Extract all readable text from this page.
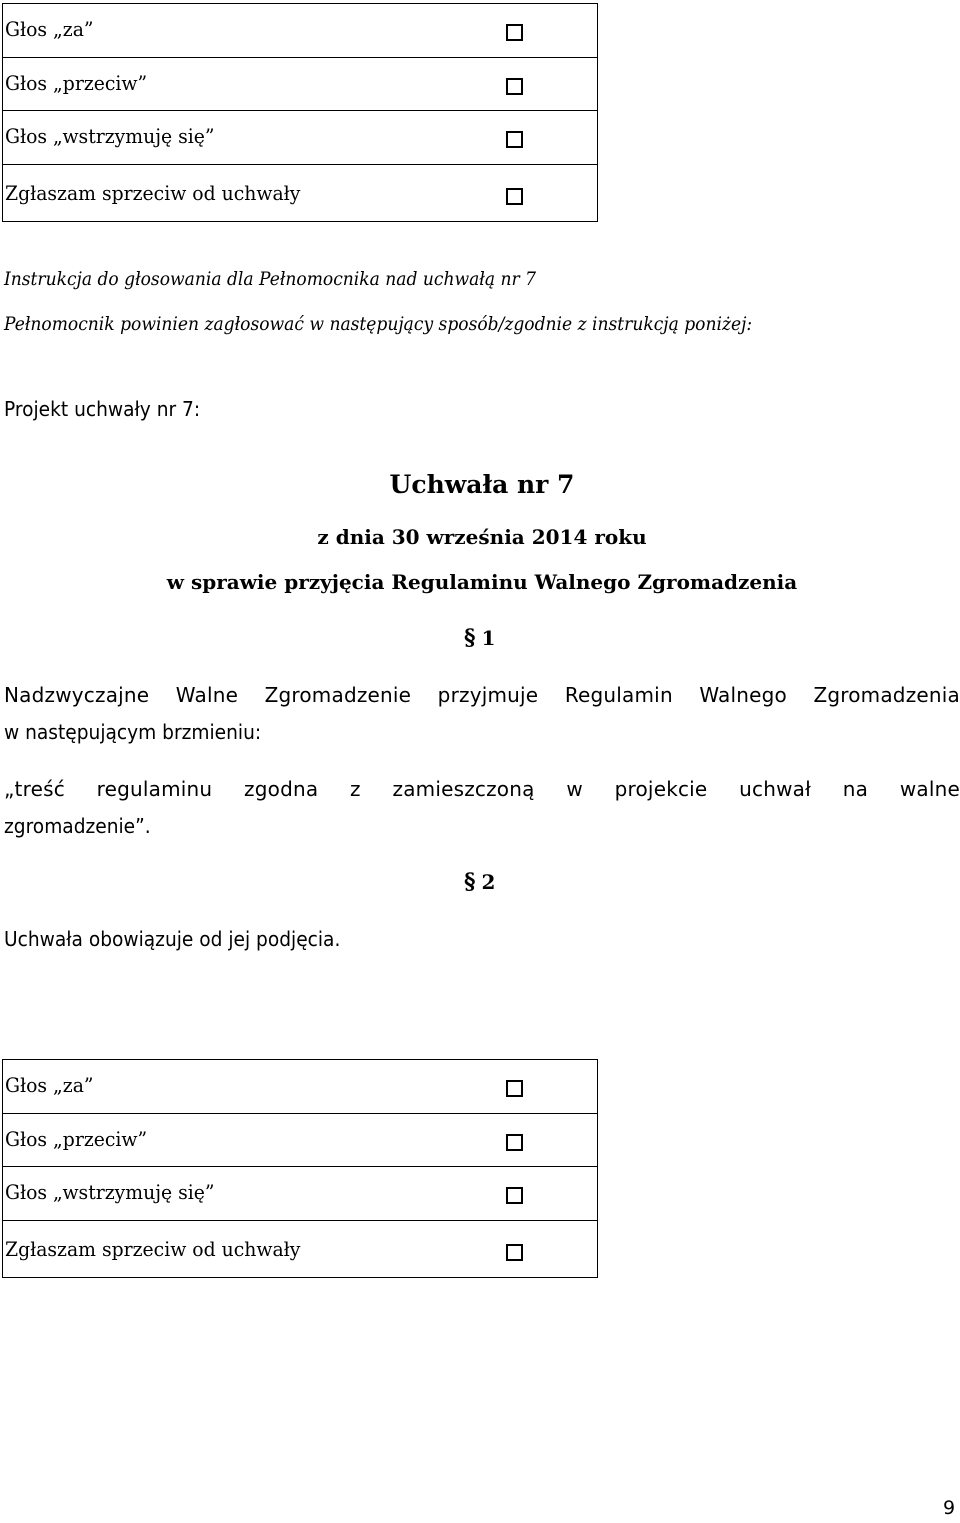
Głos „za”
Głos „przeciw”
Głos „wstrzymuję się”
Zgłaszam sprzeciw od uchwały
Instrukcja do głosowania dla Pełnomocnika nad uchwałą nr 7
Pełnomocnik powinien zagłosować w następujący sposób/zgodnie z instrukcją poniżej:
Projekt uchwały nr 7:
Uchwała nr 7
z dnia 30 września 2014 roku
w sprawie przyjęcia Regulaminu Walnego Zgromadzenia
§ 1
Nadzwyczajne Walne Zgromadzenie przyjmuje Regulamin Walnego Zgromadzenia
w następującym brzmieniu:
„treść regulaminu zgodna z zamieszczoną w projekcie uchwał na walne
zgromadzenie”.
§ 2
Uchwała obowiązuje od jej podjęcia.
Głos „za”
Głos „przeciw”
Głos „wstrzymuję się”
Zgłaszam sprzeciw od uchwały
9
